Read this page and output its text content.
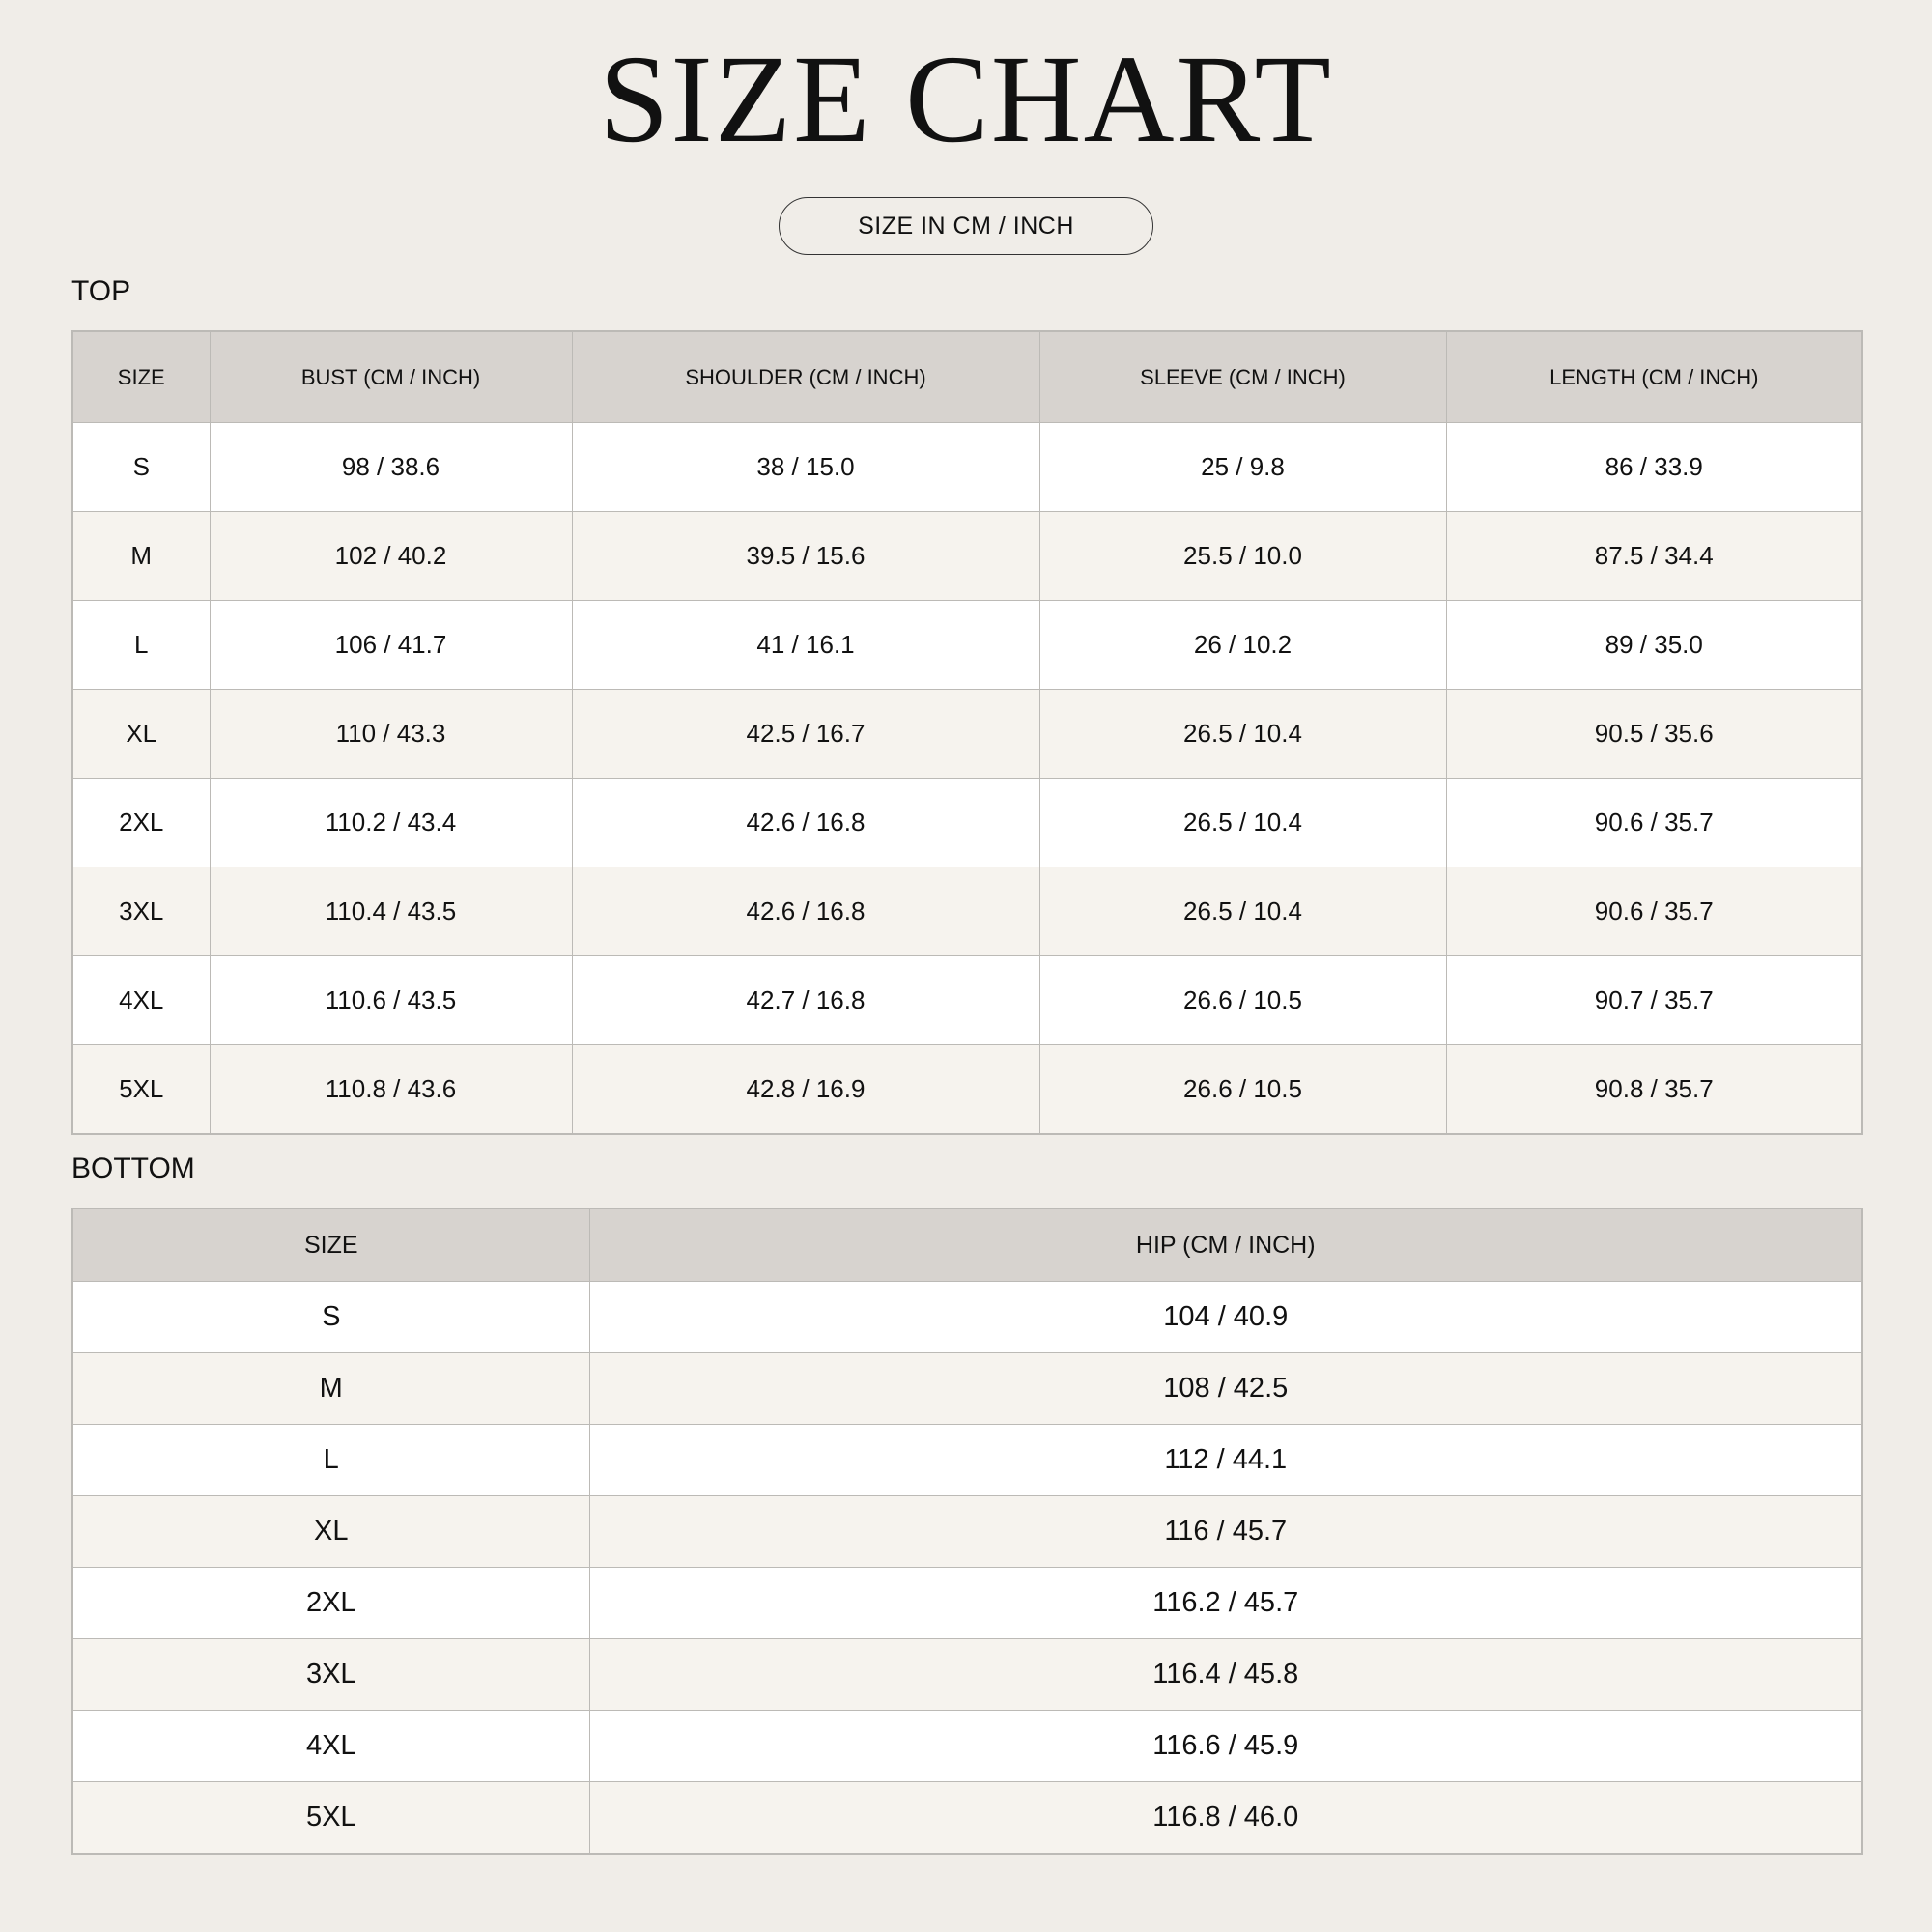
SIZE CHART
SIZE IN CM / INCH
TOP
SIZE	BUST (CM / INCH)	SHOULDER (CM / INCH)	SLEEVE (CM / INCH)	LENGTH (CM / INCH)
S	98 / 38.6	38 / 15.0	25 / 9.8	86 / 33.9
M	102 / 40.2	39.5 / 15.6	25.5 / 10.0	87.5 / 34.4
L	106 / 41.7	41 / 16.1	26 / 10.2	89 / 35.0
XL	110 / 43.3	42.5 / 16.7	26.5 / 10.4	90.5 / 35.6
2XL	110.2 / 43.4	42.6 / 16.8	26.5 / 10.4	90.6 / 35.7
3XL	110.4 / 43.5	42.6 / 16.8	26.5 / 10.4	90.6 / 35.7
4XL	110.6 / 43.5	42.7 / 16.8	26.6 / 10.5	90.7 / 35.7
5XL	110.8 / 43.6	42.8 / 16.9	26.6 / 10.5	90.8 / 35.7
BOTTOM
SIZE	HIP (CM / INCH)
S	104 / 40.9
M	108 / 42.5
L	112 / 44.1
XL	116 / 45.7
2XL	116.2 / 45.7
3XL	116.4 / 45.8
4XL	116.6 / 45.9
5XL	116.8 / 46.0
